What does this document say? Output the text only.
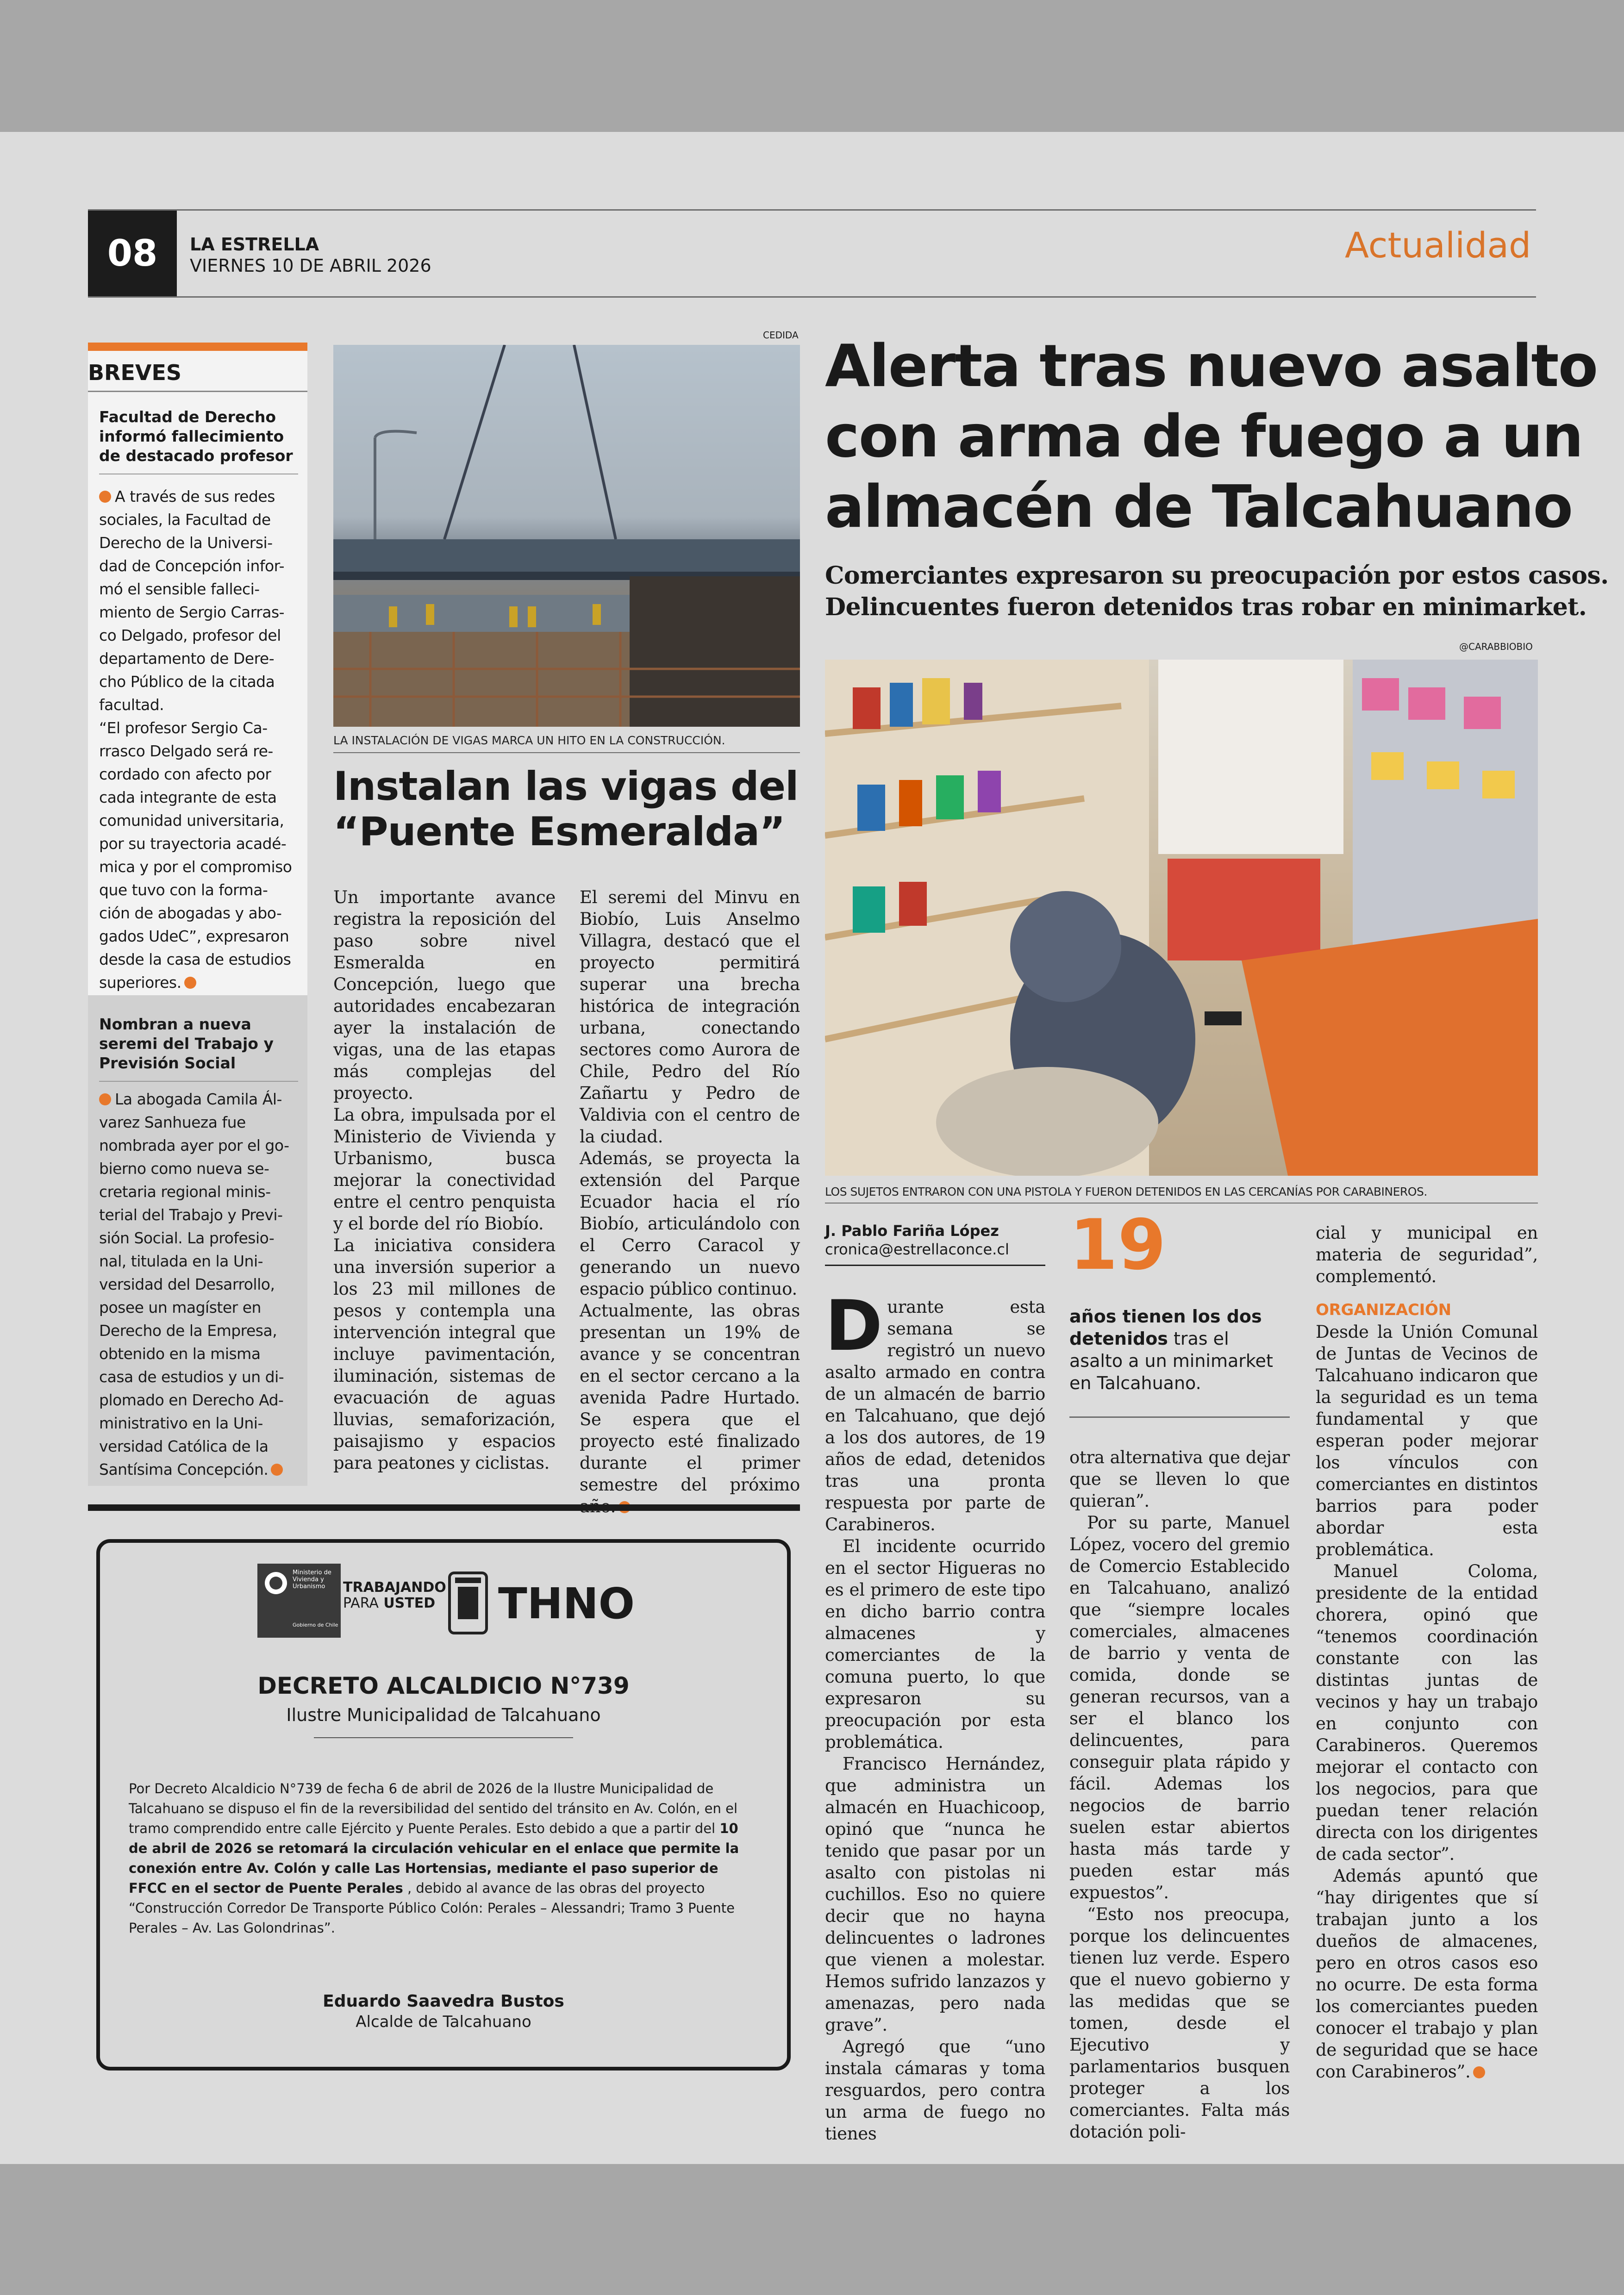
08	LA ESTRELLA
VIERNES 10 DE ABRIL 2026	Actualidad
BREVES
Facultad de Derecho informó fallecimiento de destacado profesor
A través de sus redes
sociales, la Facultad de
Derecho de la Universi-
dad de Concepción infor-
mó el sensible falleci-
miento de Sergio Carras-
co Delgado, profesor del
departamento de Dere-
cho Público de la citada
facultad.
“El profesor Sergio Ca-
rrasco Delgado será re-
cordado con afecto por
cada integrante de esta
comunidad universitaria,
por su trayectoria acadé-
mica y por el compromiso
que tuvo con la forma-
ción de abogadas y abo-
gados UdeC”, expresaron
desde la casa de estudios
superiores.
Nombran a nueva seremi del Trabajo y Previsión Social
La abogada Camila Ál-
varez Sanhueza fue
nombrada ayer por el go-
bierno como nueva se-
cretaria regional minis-
terial del Trabajo y Previ-
sión Social. La profesio-
nal, titulada en la Uni-
versidad del Desarrollo,
posee un magíster en
Derecho de la Empresa,
obtenido en la misma
casa de estudios y un di-
plomado en Derecho Ad-
ministrativo en la Uni-
versidad Católica de la
Santísima Concepción.
CEDIDA
LA INSTALACIÓN DE VIGAS MARCA UN HITO EN LA CONSTRUCCIÓN.
Instalan las vigas del
“Puente Esmeralda”

Un importante avance registra la reposición del paso sobre nivel Esmeralda en Concepción, luego que autoridades encabezaran ayer la instalación de vigas, una de las etapas más complejas del proyecto.

La obra, impulsada por el Ministerio de Vivienda y Urbanismo, busca mejorar la conectividad entre el centro penquista y el borde del río Biobío.

La iniciativa considera una inversión superior a los 23 mil millones de pesos y contempla una intervención integral que incluye pavimentación, iluminación, sistemas de evacuación de aguas lluvias, semaforización, paisajismo y espacios para peatones y ciclistas.

El seremi del Minvu en Biobío, Luis Anselmo Villagra, destacó que el proyecto permitirá superar una brecha histórica de integración urbana, conectando sectores como Aurora de Chile, Pedro del Río Zañartu y Pedro de Valdivia con el centro de la ciudad.

Además, se proyecta la extensión del Parque Ecuador hacia el río Biobío, articulándolo con el Cerro Caracol y generando un nuevo espacio público continuo.

Actualmente, las obras presentan un 19% de avance y se concentran en el sector cercano a la avenida Padre Hurtado. Se espera que el proyecto esté finalizado durante el primer semestre del próximo

Alerta tras nuevo asalto
con arma de fuego a un
almacén de Talcahuano
Comerciantes expresaron su preocupación por estos casos.
Delincuentes fueron detenidos tras robar en minimarket.
@CARABBIOBIO
LOS SUJETOS ENTRARON CON UNA PISTOLA Y FUERON DETENIDOS EN LAS CERCANÍAS POR CARABINEROS.
J. Pablo Fariña López
cronica@estrellaconce.cl

Durante esta semana se registró un nuevo asalto armado en contra de un almacén de barrio en Talcahuano, que dejó a los dos autores, de 19 años de edad, detenidos tras una pronta respuesta por parte de Carabineros.

El incidente ocurrido en el sector Higueras no es el primero de este tipo en dicho barrio contra almacenes y comerciantes de la comuna puerto, lo que expresaron su preocupación por esta problemática.

Francisco Hernández, que administra un almacén en Huachicoop, opinó que “nunca he tenido que pasar por un asalto con pistolas ni cuchillos. Eso no quiere decir que no hayna delincuentes o ladrones que vienen a molestar. Hemos sufrido lanzazos y amenazas, pero nada grave”.

Agregó que “uno instala cámaras y toma resguardos, pero contra un arma de fuego no tienes

19
años tienen los dos detenidos tras el asalto a un minimarket en Talcahuano.

otra alternativa que dejar que se lleven lo que quieran”.

Por su parte, Manuel López, vocero del gremio de Comercio Establecido en Talcahuano, analizó que “siempre locales comerciales, almacenes de barrio y venta de comida, donde se generan recursos, van a ser el blanco los delincuentes, para conseguir plata rápido y fácil. Ademas los negocios de barrio suelen estar abiertos hasta más tarde y pueden estar más expuestos”.

“Esto nos preocupa, porque los delincuentes tienen luz verde. Espero que el nuevo gobierno y las medidas que se tomen, desde el Ejecutivo y parlamentarios busquen proteger a los comerciantes. Falta más dotación poli-

cial y municipal en materia de seguridad”, complementó.

ORGANIZACIÓN

Desde la Unión Comunal de Juntas de Vecinos de Talcahuano indicaron que la seguridad es un tema fundamental y que esperan poder mejorar los vínculos con comerciantes en distintos barrios para poder abordar esta problemática.

Manuel Coloma, presidente de la entidad chorera, opinó que “tenemos coordinación constante con las distintas juntas de vecinos y hay un trabajo en conjunto con Carabineros. Queremos mejorar el contacto con los negocios, para que puedan tener relación directa con los dirigentes de cada sector”.

Además apuntó que “hay dirigentes que sí trabajan junto a los dueños de almacenes, pero en otros casos eso no ocurre. De esta forma los comerciantes pueden conocer el trabajo y plan de seguridad que se hace con Carabineros”.

Ministerio de
Vivienda y
Urbanismo
Gobierno de Chile
TRABAJANDO
PARA USTED THNO
DECRETO ALCALDICIO N°739
Ilustre Municipalidad de Talcahuano
Por Decreto Alcaldicio N°739 de fecha 6 de abril de 2026 de la Ilustre Municipalidad de Talcahuano se dispuso el fin de la reversibilidad del sentido del tránsito en Av. Colón, en el tramo comprendido entre calle Ejército y Puente Perales. Esto debido a que a partir del 10 de abril de 2026 se retomará la circulación vehicular en el enlace que permite la conexión entre Av. Colón y calle Las Hortensias, mediante el paso superior de FFCC en el sector de Puente Perales , debido al avance de las obras del proyecto “Construcción Corredor De Transporte Público Colón: Perales – Alessandri; Tramo 3 Puente Perales – Av. Las Golondrinas”.
Eduardo Saavedra Bustos
Alcalde de Talcahuano
